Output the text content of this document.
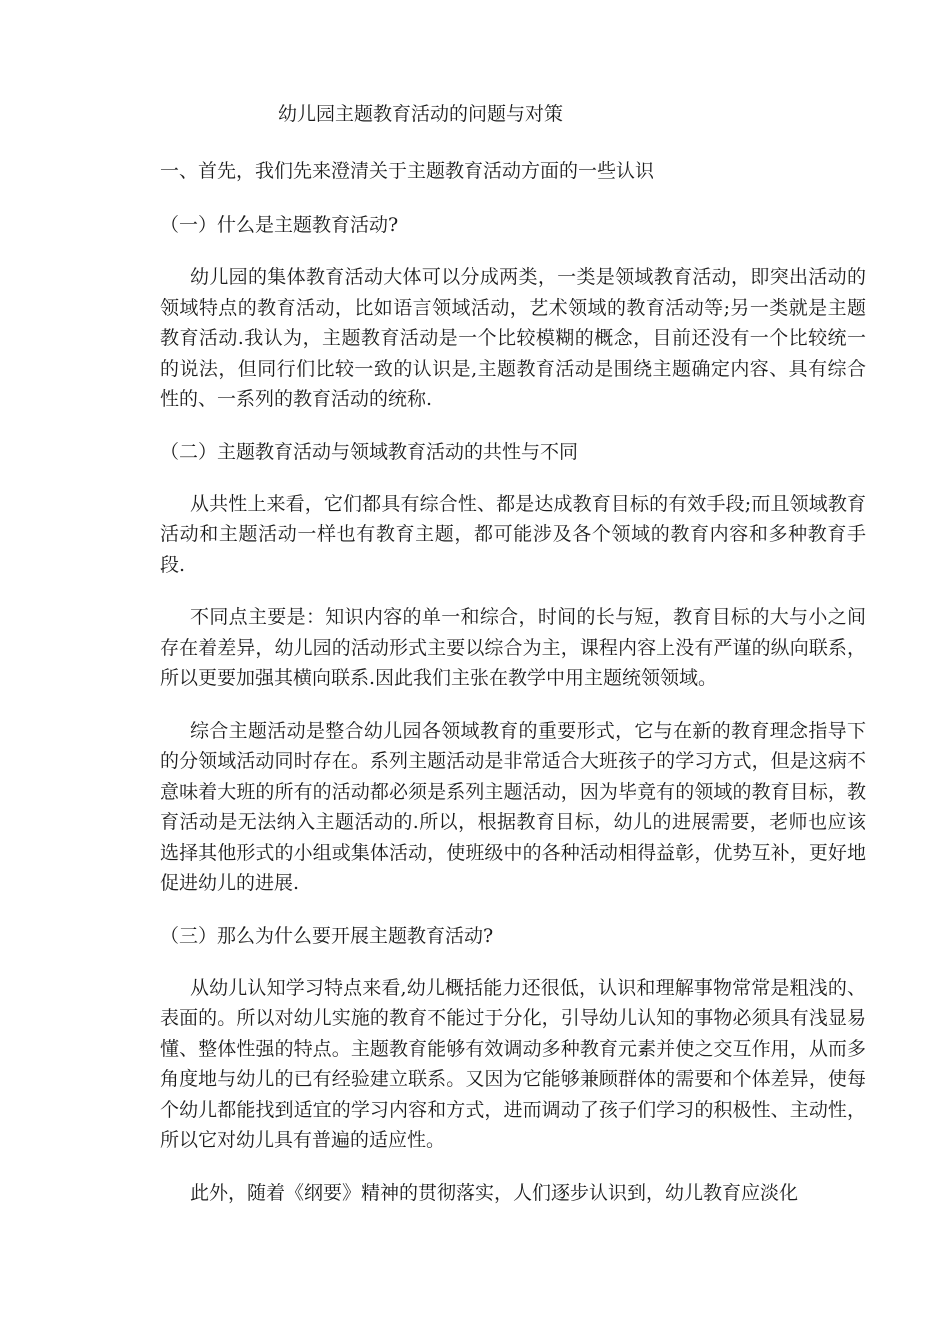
幼儿园主题教育活动的问题与对策
一、首先，我们先来澄清关于主题教育活动方面的一些认识
（一）什么是主题教育活动?

幼儿园的集体教育活动大体可以分成两类，一类是领域教育活动，即突出活动的领域特点的教育活动，比如语言领域活动，艺术领域的教育活动等;另一类就是主题教育活动.我认为，主题教育活动是一个比较模糊的概念，目前还没有一个比较统一的说法，但同行们比较一致的认识是,主题教育活动是围绕主题确定内容、具有综合性的、一系列的教育活动的统称.

（二）主题教育活动与领域教育活动的共性与不同

从共性上来看，它们都具有综合性、都是达成教育目标的有效手段;而且领域教育活动和主题活动一样也有教育主题，都可能涉及各个领域的教育内容和多种教育手段.

不同点主要是：知识内容的单一和综合，时间的长与短，教育目标的大与小之间存在着差异，幼儿园的活动形式主要以综合为主，课程内容上没有严谨的纵向联系，所以更要加强其横向联系.因此我们主张在教学中用主题统领领域。

综合主题活动是整合幼儿园各领域教育的重要形式，它与在新的教育理念指导下的分领域活动同时存在。系列主题活动是非常适合大班孩子的学习方式，但是这病不意味着大班的所有的活动都必须是系列主题活动，因为毕竟有的领域的教育目标，教育活动是无法纳入主题活动的.所以，根据教育目标，幼儿的进展需要，老师也应该选择其他形式的小组或集体活动，使班级中的各种活动相得益彰，优势互补，更好地促进幼儿的进展.

（三）那么为什么要开展主题教育活动?

从幼儿认知学习特点来看,幼儿概括能力还很低，认识和理解事物常常是粗浅的、表面的。所以对幼儿实施的教育不能过于分化，引导幼儿认知的事物必须具有浅显易懂、整体性强的特点。主题教育能够有效调动多种教育元素并使之交互作用，从而多角度地与幼儿的已有经验建立联系。又因为它能够兼顾群体的需要和个体差异，使每个幼儿都能找到适宜的学习内容和方式，进而调动了孩子们学习的积极性、主动性，所以它对幼儿具有普遍的适应性。

此外，随着《纲要》精神的贯彻落实，人们逐步认识到，幼儿教育应淡化
